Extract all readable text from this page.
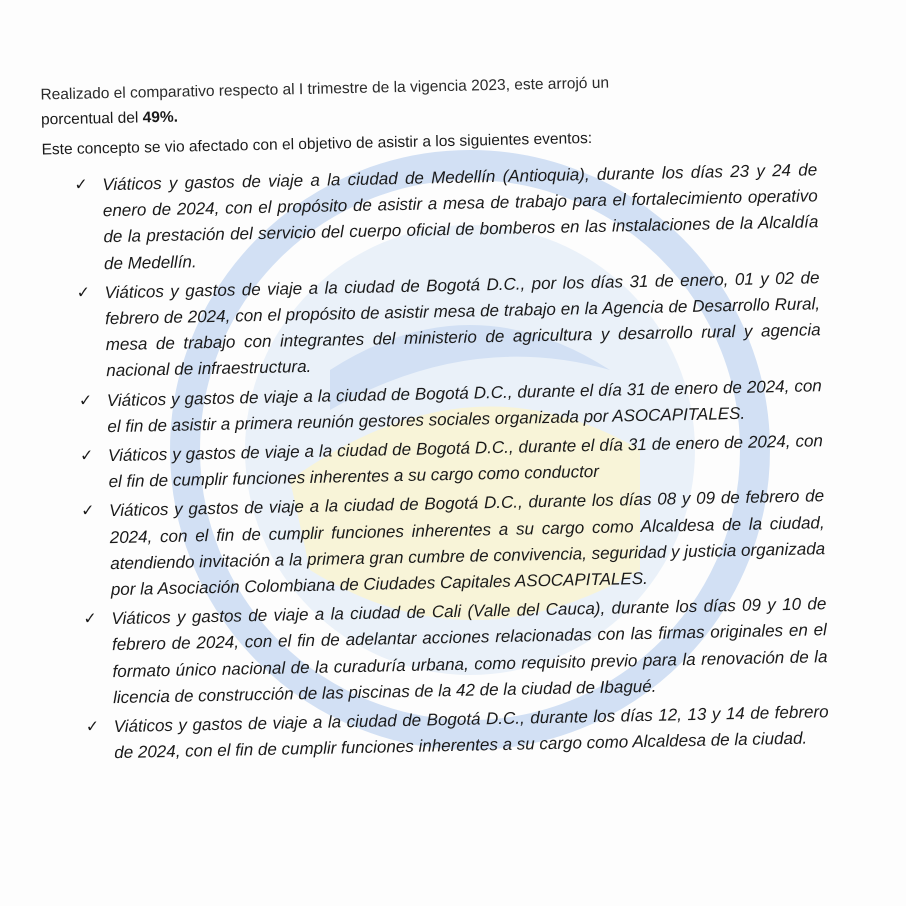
Realizado el comparativo respecto al I trimestre de la vigencia 2023, este arrojó un
porcentual del 49%.
Este concepto se vio afectado con el objetivo de asistir a los siguientes eventos:
✓ Viáticos y gastos de viaje a la ciudad de Medellín (Antioquia), durante los días 23 y 24 de enero de 2024, con el propósito de asistir a mesa de trabajo para el fortalecimiento operativo de la prestación del servicio del cuerpo oficial de bomberos en las instalaciones de la Alcaldía de Medellín.
✓ Viáticos y gastos de viaje a la ciudad de Bogotá D.C., por los días 31 de enero, 01 y 02 de febrero de 2024, con el propósito de asistir mesa de trabajo en la Agencia de Desarrollo Rural, mesa de trabajo con integrantes del ministerio de agricultura y desarrollo rural y agencia nacional de infraestructura.
✓ Viáticos y gastos de viaje a la ciudad de Bogotá D.C., durante el día 31 de enero de 2024, con el fin de asistir a primera reunión gestores sociales organizada por ASOCAPITALES.
✓ Viáticos y gastos de viaje a la ciudad de Bogotá D.C., durante el día 31 de enero de 2024, con el fin de cumplir funciones inherentes a su cargo como conductor
✓ Viáticos y gastos de viaje a la ciudad de Bogotá D.C., durante los días 08 y 09 de febrero de 2024, con el fin de cumplir funciones inherentes a su cargo como Alcaldesa de la ciudad, atendiendo invitación a la primera gran cumbre de convivencia, seguridad y justicia organizada por la Asociación Colombiana de Ciudades Capitales ASOCAPITALES.
✓ Viáticos y gastos de viaje a la ciudad de Cali (Valle del Cauca), durante los días 09 y 10 de febrero de 2024, con el fin de adelantar acciones relacionadas con las firmas originales en el formato único nacional de la curaduría urbana, como requisito previo para la renovación de la licencia de construcción de las piscinas de la 42 de la ciudad de Ibagué.
✓ Viáticos y gastos de viaje a la ciudad de Bogotá D.C., durante los días 12, 13 y 14 de febrero de 2024, con el fin de cumplir funciones inherentes a su cargo como Alcaldesa de la ciudad.
